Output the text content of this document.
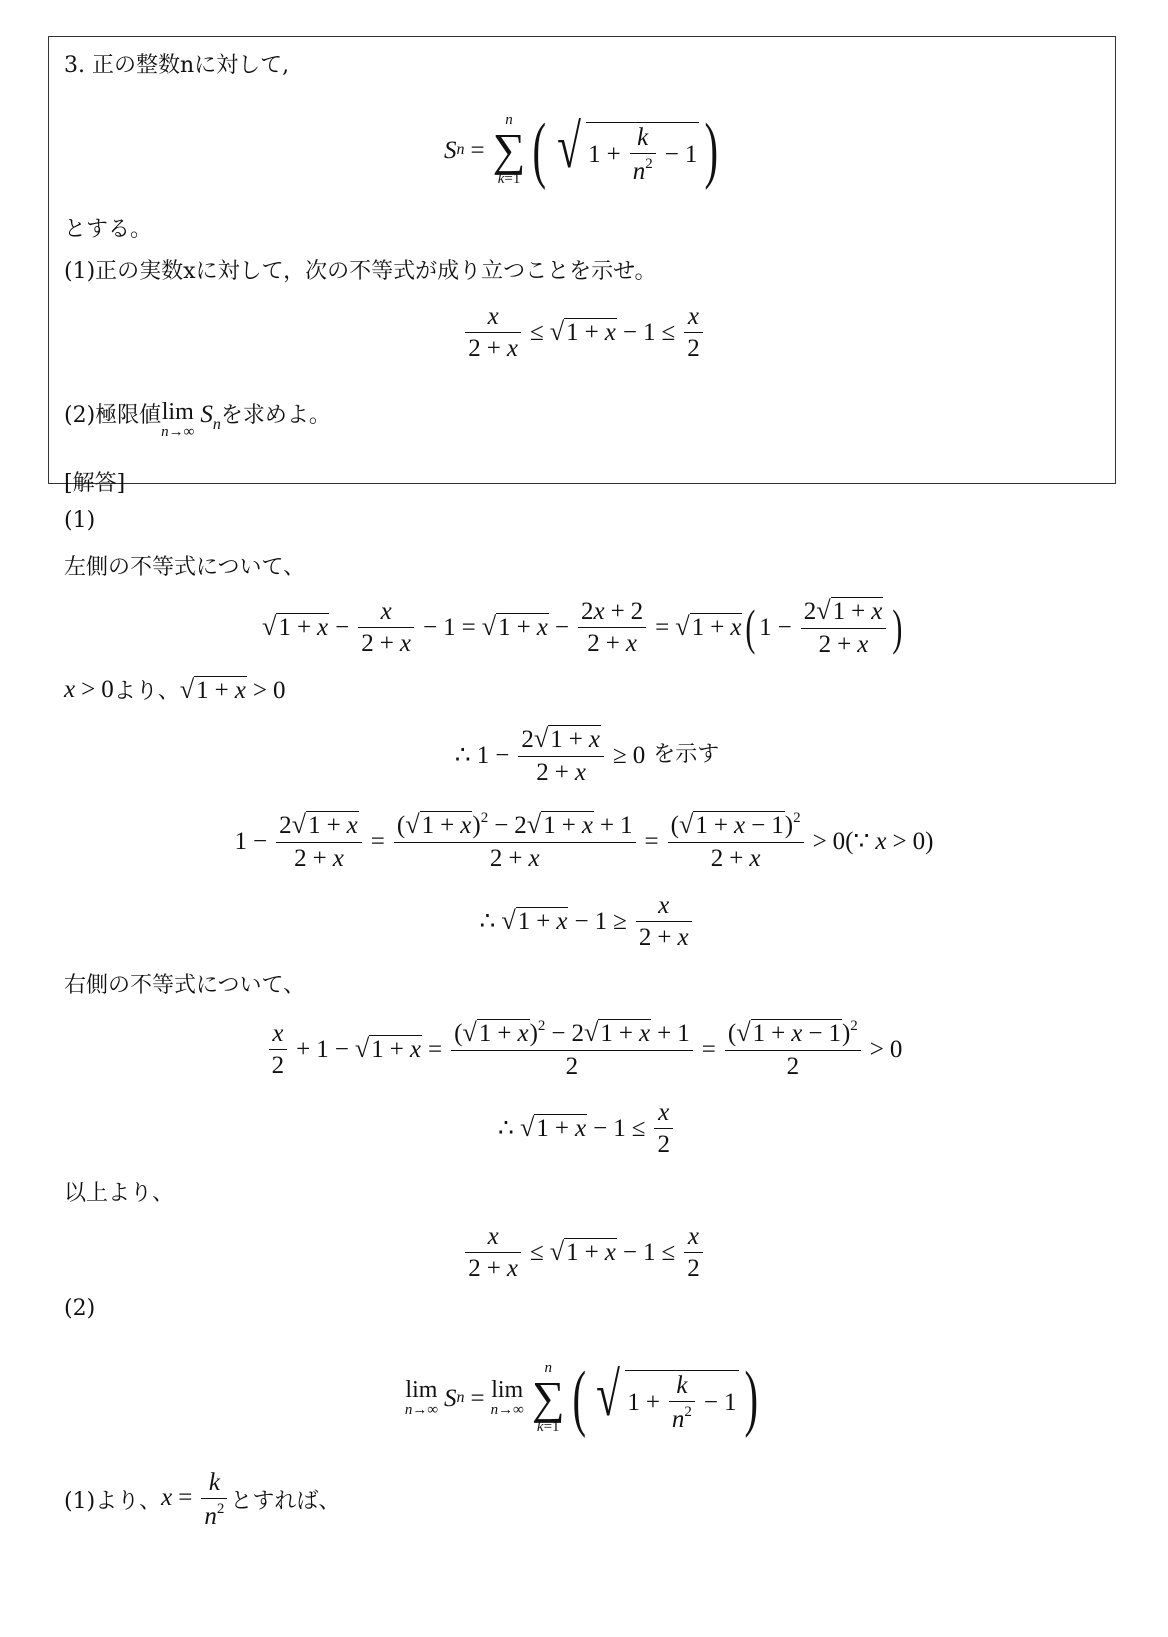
3. 正の整数nに対して,
S n =
n
∑
k=1 ( √ $1 + \frac{k}{n^2} - 1$ )
とする。
(1)正の実数xに対して，次の不等式が成り立つことを示せ。
$\frac{x}{2 + x} \le √1 + x - 1 \le \frac{x}{2}$
(2)極限値 lim
n→∞
$S_n$ を求めよ。
[解答]
(1)
左側の不等式について、
$√1 + x - \frac{x}{2 + x} - 1 = √1 + x - \frac{2x + 2}{2 + x} = √1 + x$ ( $1 - \frac{2√1 + x}{2 + x}$ )
x > 0 より、 √1 + x > 0
∴ $1 - \frac{2√1 + x}{2 + x} \ge 0$ を示す
$1 - \frac{2√1 + x}{2 + x} = \frac{(√1 + x)^2 - 2√1 + x + 1}{2 + x} = \frac{(√1 + x - 1)^2}{2 + x}$ > 0(∵ x > 0)
∴ $√1 + x - 1 \ge \frac{x}{2 + x}$
右側の不等式について、
$\frac{x}{2} + 1 - √1 + x = \frac{(√1 + x)^2 - 2√1 + x + 1}{2} = \frac{(√1 + x - 1)^2}{2} > 0$
∴ $√1 + x - 1 \le \frac{x}{2}$
以上より、
$\frac{x}{2 + x} \le √1 + x - 1 \le \frac{x}{2}$
(2)
lim
n→∞ S n = lim
n→∞
n
∑
k=1 ( √ $1 + \frac{k}{n^2} - 1$ )
(1)より、 $x = \frac{k}{n^2}$ とすれば、
